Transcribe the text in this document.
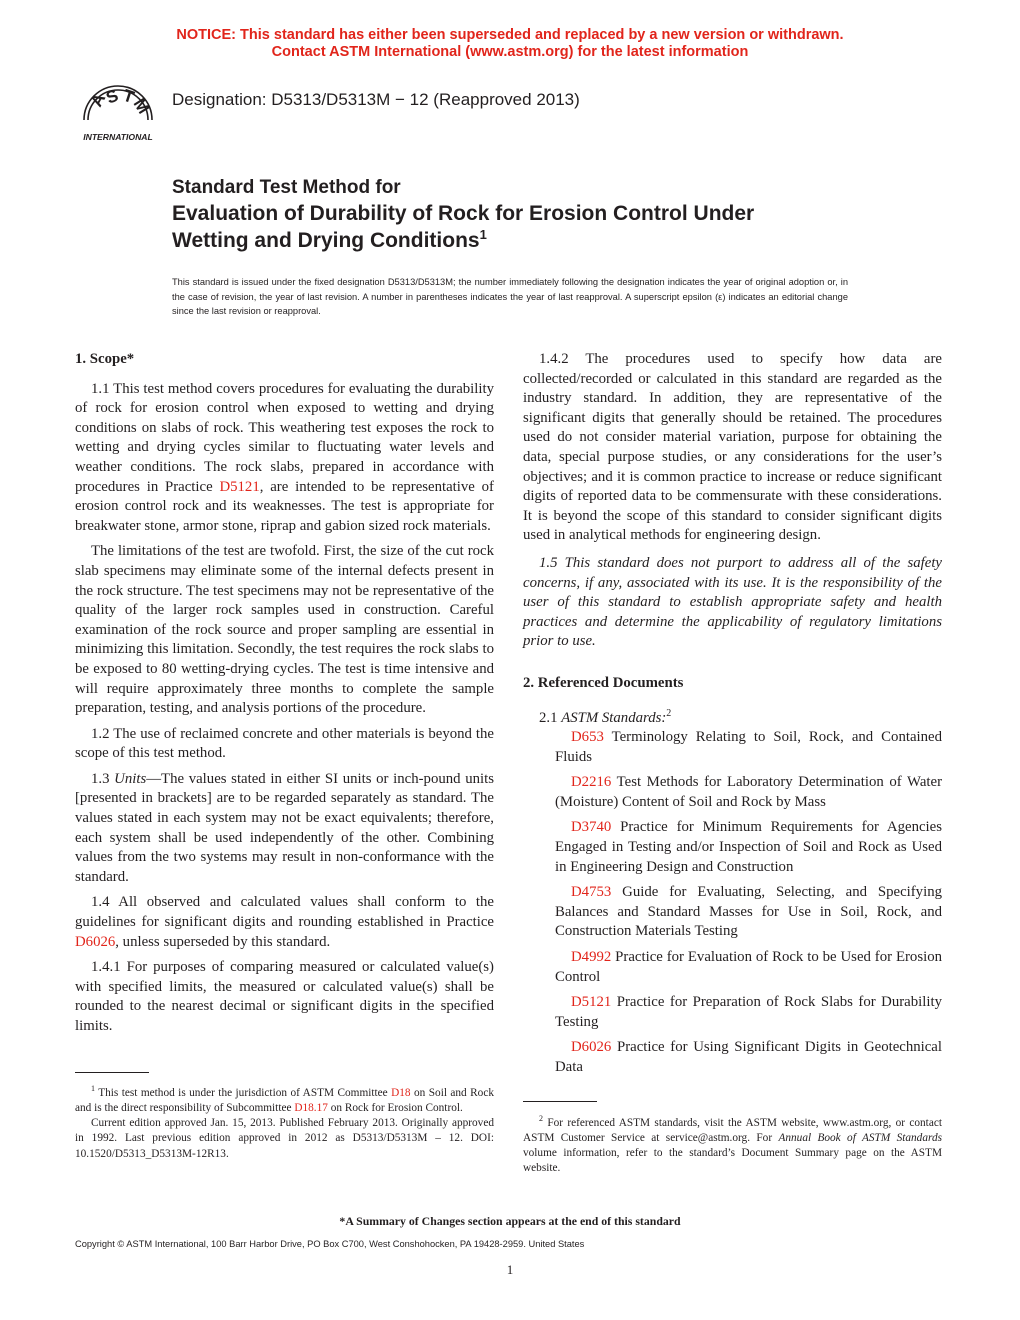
NOTICE: This standard has either been superseded and replaced by a new version or withdrawn.
Contact ASTM International (www.astm.org) for the latest information
A
S T
M
INTERNATIONAL
Designation: D5313/D5313M − 12 (Reapproved 2013)
Standard Test Method for
Evaluation of Durability of Rock for Erosion Control Under
Wetting and Drying Conditions$^1$
This standard is issued under the fixed designation D5313/D5313M; the number immediately following the designation indicates the year of original adoption or, in the case of revision, the year of last revision. A number in parentheses indicates the year of last reapproval. A superscript epsilon (ε) indicates an editorial change since the last revision or reapproval.
1. Scope*

1.1 This test method covers procedures for evaluating the durability of rock for erosion control when exposed to wetting and drying conditions on slabs of rock. This weathering test exposes the rock to wetting and drying cycles similar to fluctuating water levels and weather conditions. The rock slabs, prepared in accordance with procedures in Practice D5121, are intended to be representative of erosion control rock and its weaknesses. The test is appropriate for breakwater stone, armor stone, riprap and gabion sized rock materials.

The limitations of the test are twofold. First, the size of the cut rock slab specimens may eliminate some of the internal defects present in the rock structure. The test specimens may not be representative of the quality of the larger rock samples used in construction. Careful examination of the rock source and proper sampling are essential in minimizing this limitation. Secondly, the test requires the rock slabs to be exposed to 80 wetting-drying cycles. The test is time intensive and will require approximately three months to complete the sample preparation, testing, and analysis portions of the procedure.

1.2 The use of reclaimed concrete and other materials is beyond the scope of this test method.

1.3 Units—The values stated in either SI units or inch-pound units [presented in brackets] are to be regarded separately as standard. The values stated in each system may not be exact equivalents; therefore, each system shall be used independently of the other. Combining values from the two systems may result in non-conformance with the standard.

1.4 All observed and calculated values shall conform to the guidelines for significant digits and rounding established in Practice D6026, unless superseded by this standard.

1.4.1 For purposes of comparing measured or calculated value(s) with specified limits, the measured or calculated value(s) shall be rounded to the nearest decimal or significant digits in the specified limits.

1.4.2 The procedures used to specify how data are collected/recorded or calculated in this standard are regarded as the industry standard. In addition, they are representative of the significant digits that generally should be retained. The procedures used do not consider material variation, purpose for obtaining the data, special purpose studies, or any considerations for the user’s objectives; and it is common practice to increase or reduce significant digits of reported data to be commensurate with these considerations. It is beyond the scope of this standard to consider significant digits used in analytical methods for engineering design.

1.5 This standard does not purport to address all of the safety concerns, if any, associated with its use. It is the responsibility of the user of this standard to establish appropriate safety and health practices and determine the applicability of regulatory limitations prior to use.

2. Referenced Documents

2.1 ASTM Standards:$^2$

D653 Terminology Relating to Soil, Rock, and Contained Fluids

D2216 Test Methods for Laboratory Determination of Water (Moisture) Content of Soil and Rock by Mass

D3740 Practice for Minimum Requirements for Agencies Engaged in Testing and/or Inspection of Soil and Rock as Used in Engineering Design and Construction

D4753 Guide for Evaluating, Selecting, and Specifying Balances and Standard Masses for Use in Soil, Rock, and Construction Materials Testing

D4992 Practice for Evaluation of Rock to be Used for Erosion Control

D5121 Practice for Preparation of Rock Slabs for Durability Testing

D6026 Practice for Using Significant Digits in Geotechnical Data

$^1$ This test method is under the jurisdiction of ASTM Committee D18 on Soil and Rock and is the direct responsibility of Subcommittee D18.17 on Rock for Erosion Control.

Current edition approved Jan. 15, 2013. Published February 2013. Originally approved in 1992. Last previous edition approved in 2012 as D5313/D5313M – 12. DOI: 10.1520/D5313_D5313M-12R13.

$^2$ For referenced ASTM standards, visit the ASTM website, www.astm.org, or contact ASTM Customer Service at service@astm.org. For Annual Book of ASTM Standards volume information, refer to the standard’s Document Summary page on the ASTM website.

*A Summary of Changes section appears at the end of this standard
Copyright © ASTM International, 100 Barr Harbor Drive, PO Box C700, West Conshohocken, PA 19428-2959. United States
1
